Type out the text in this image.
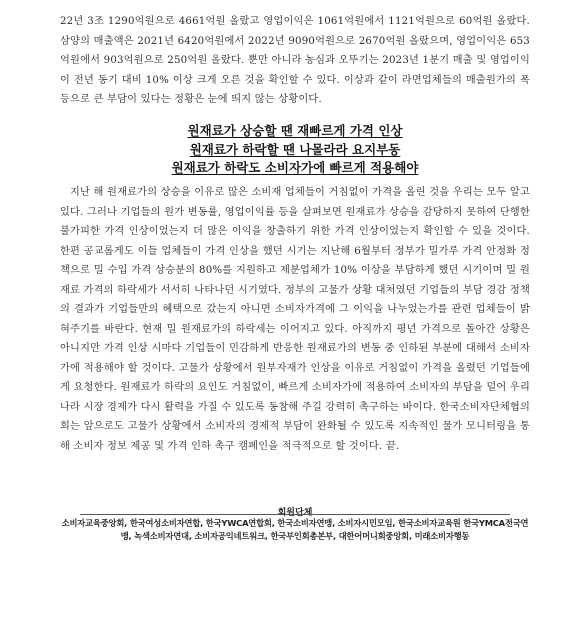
22년 3조 1290억원으로 4661억원 올랐고 영업이익은 1061억원에서 1121억원으로 60억원 올랐다. 삼양의 매출액은 2021년 6420억원에서 2022년 9090억원으로 2670억원 올랐으며, 영업이익은 653억원에서 903억원으로 250억원 올랐다. 뿐만 아니라 농심과 오뚜기는 2023년 1분기 매출 및 영업이익이 전년 동기 대비 10% 이상 크게 오른 것을 확인할 수 있다. 이상과 같이 라면업체들의 매출원가의 폭등으로 큰 부담이 있다는 정황은 눈에 띄지 않는 상황이다.

원재료가 상승할 땐 재빠르게 가격 인상

원재료가 하락할 땐 나몰라라 요지부동

원재료가 하락도 소비자가에 빠르게 적용해야

지난 해 원재료가의 상승을 이유로 많은 소비재 업체들이 거침없이 가격을 올린 것을 우리는 모두 알고 있다. 그러나 기업들의 원가 변동률, 영업이익률 등을 살펴보면 원재료가 상승을 감당하지 못하여 단행한 불가피한 가격 인상이었는지 더 많은 이익을 창출하기 위한 가격 인상이었는지 확인할 수 있을 것이다. 한편 공교롭게도 이들 업체들이 가격 인상을 했던 시기는 지난해 6월부터 정부가 밀가루 가격 안정화 정책으로 밀 수입 가격 상승분의 80%를 지원하고 제분업체가 10% 이상을 부담하게 했던 시기이며 밀 원재료 가격의 하락세가 서서히 나타나던 시기였다. 정부의 고물가 상황 대처였던 기업들의 부담 경감 정책의 결과가 기업들만의 혜택으로 갔는지 아니면 소비자가격에 그 이익을 나누었는가를 관련 업체들이 밝혀주기를 바란다. 현재 밀 원재료가의 하락세는 이어지고 있다. 아직까지 평년 가격으로 돌아간 상황은 아니지만 가격 인상 시마다 기업들이 민감하게 반응한 원재료가의 변동 중 인하된 부분에 대해서 소비자가에 적용해야 할 것이다. 고물가 상황에서 원부자재가 인상을 이유로 거침없이 가격을 올렸던 기업들에게 요청한다. 원재료가 하락의 요인도 거침없이, 빠르게 소비자가에 적용하여 소비자의 부담을 덜어 우리나라 시장 경제가 다시 활력을 가질 수 있도록 동참해 주길 강력히 촉구하는 바이다. 한국소비자단체협의회는 앞으로도 고물가 상황에서 소비자의 경제적 부담이 완화될 수 있도록 지속적인 물가 모니터링을 통해 소비자 정보 제공 및 가격 인하 촉구 캠페인을 적극적으로 할 것이다. 끝.

회원단체

소비자교육중앙회, 한국여성소비자연합, 한국YWCA연합회, 한국소비자연맹, 소비자시민모임, 한국소비자교육원 한국YMCA전국연맹, 녹색소비자연대, 소비자공익네트워크, 한국부인회총본부, 대한어머니회중앙회, 미래소비자행동
